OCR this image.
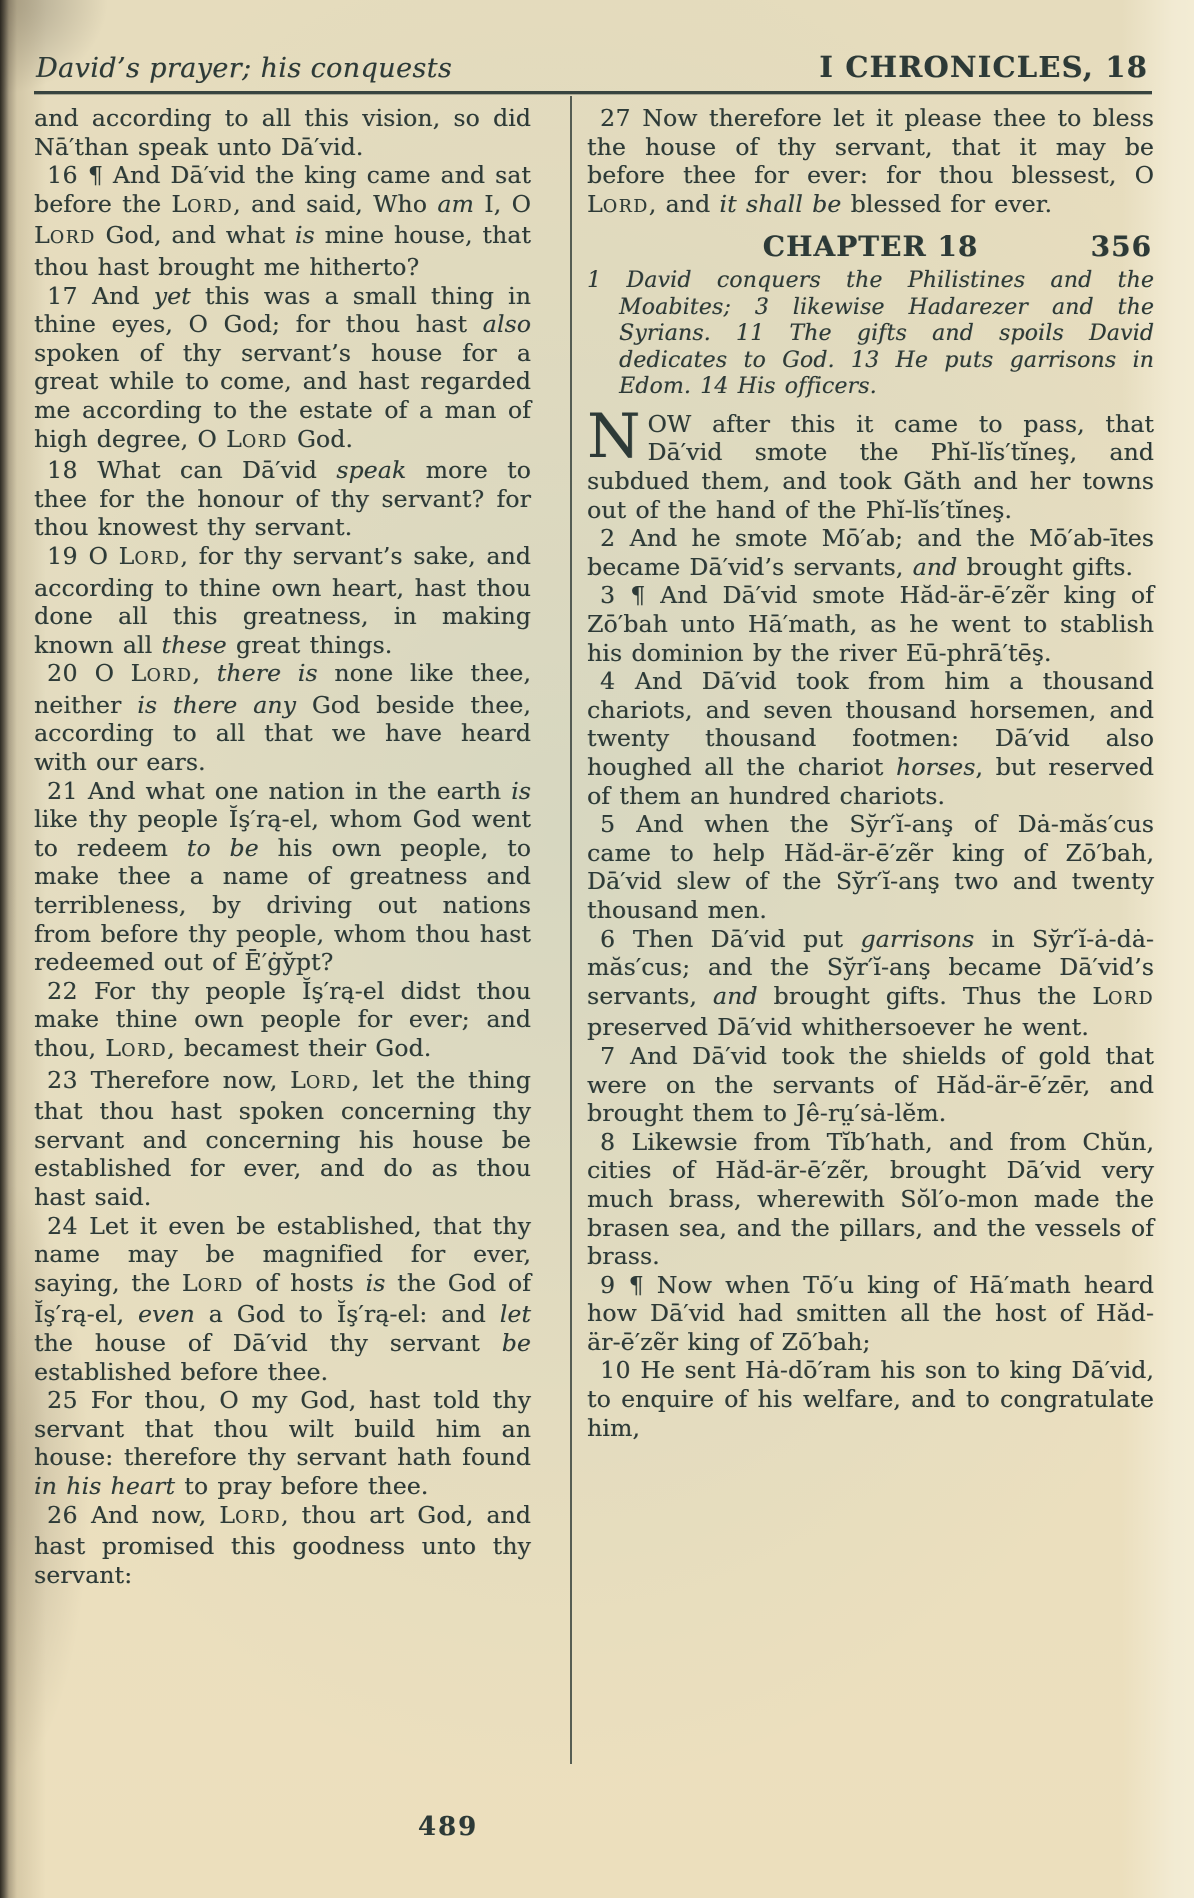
David’s prayer; his conquests	I CHRONICLES, 18

and according to all this vision, so did Nā′than speak unto Dā′vid.

16 ¶ And Dā′vid the king came and sat before the LORD, and said, Who am I, O LORD God, and what is mine house, that thou hast brought me hitherto?

17 And yet this was a small thing in thine eyes, O God; for thou hast also spoken of thy servant’s house for a great while to come, and hast regarded me according to the estate of a man of high degree, O LORD God.

18 What can Dā′vid speak more to thee for the honour of thy servant? for thou knowest thy servant.

19 O LORD, for thy servant’s sake, and according to thine own heart, hast thou done all this greatness, in making known all these great things.

20 O LORD, there is none like thee, neither is there any God beside thee, according to all that we have heard with our ears.

21 And what one nation in the earth is like thy people Ĭş′rą-el, whom God went to redeem to be his own people, to make thee a name of greatness and terribleness, by driving out nations from before thy people, whom thou hast redeemed out of Ē′ġy̆pt?

22 For thy people Ĭş′rą-el didst thou make thine own people for ever; and thou, LORD, becamest their God.

23 Therefore now, LORD, let the thing that thou hast spoken concerning thy servant and concerning his house be established for ever, and do as thou hast said.

24 Let it even be established, that thy name may be magnified for ever, saying, the LORD of hosts is the God of Ĭş′rą-el, even a God to Ĭş′rą-el: and let the house of Dā′vid thy servant be established before thee.

25 For thou, O my God, hast told thy servant that thou wilt build him an house: therefore thy servant hath found in his heart to pray before thee.

26 And now, LORD, thou art God, and hast promised this goodness unto thy servant:

27 Now therefore let it please thee to bless the house of thy servant, that it may be before thee for ever: for thou blessest, O LORD, and it shall be blessed for ever.

CHAPTER 18	356

1 David conquers the Philistines and the Moabites; 3 likewise Hadarezer and the Syrians. 11 The gifts and spoils David dedicates to God. 13 He puts garrisons in Edom. 14 His officers.

NOW after this it came to pass, that Dā′vid smote the Phĭ-lĭs′tĭneş, and subdued them, and took Găth and her towns out of the hand of the Phĭ-lĭs′tĭneş.

2 And he smote Mō′ab; and the Mō′ab-ītes became Dā′vid’s servants, and brought gifts.

3 ¶ And Dā′vid smote Hăd-är-ē′zẽr king of Zō′bah unto Hā′math, as he went to stablish his dominion by the river Eū-phrā′tēş.

4 And Dā′vid took from him a thousand chariots, and seven thousand horsemen, and twenty thousand footmen: Dā′vid also houghed all the chariot horses, but reserved of them an hundred chariots.

5 And when the Sy̆r′ĭ-anş of Dȧ-măs′cus came to help Hăd-är-ē′zẽr king of Zō′bah, Dā′vid slew of the Sy̆r′ĭ-anş two and twenty thousand men.

6 Then Dā′vid put garrisons in Sy̆r′ĭ-ȧ-dȧ-măs′cus; and the Sy̆r′ĭ-anş became Dā′vid’s servants, and brought gifts. Thus the LORD preserved Dā′vid whithersoever he went.

7 And Dā′vid took the shields of gold that were on the servants of Hăd-är-ē′zēr, and brought them to Jê-rṳ′sȧ-lĕm.

8 Likewsie from Tĭb′hath, and from Chŭn, cities of Hăd-är-ē′zẽr, brought Dā′vid very much brass, wherewith Sŏl′o-mon made the brasen sea, and the pillars, and the vessels of brass.

9 ¶ Now when Tō′u king of Hā′math heard how Dā′vid had smitten all the host of Hăd-är-ē′zẽr king of Zō′bah;

10 He sent Hȧ-dō′ram his son to king Dā′vid, to enquire of his welfare, and to congratulate him,

489
